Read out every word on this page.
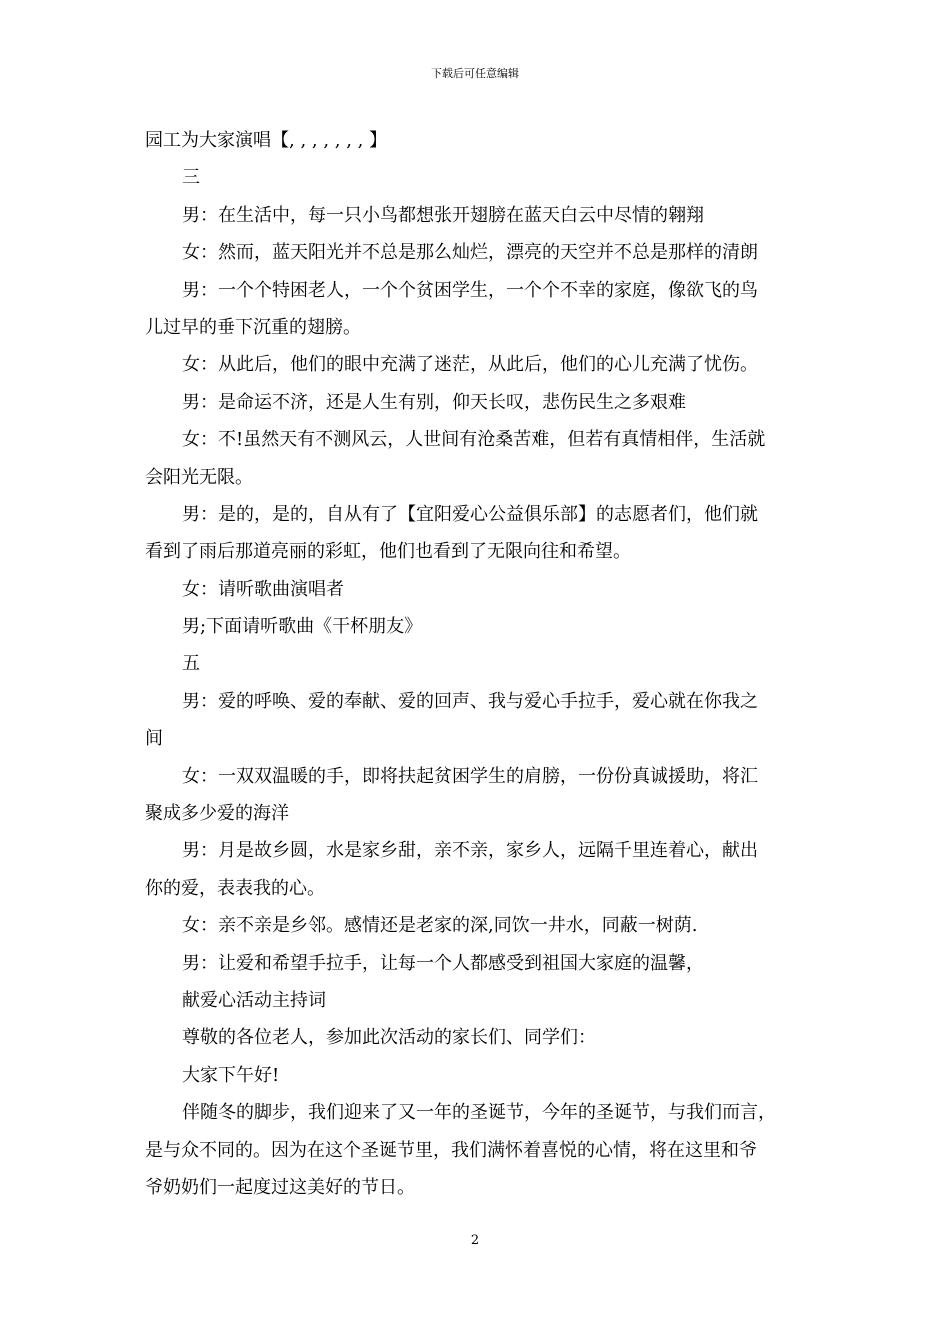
下载后可任意编辑
园工为大家演唱【, , , , , , , 】
三
男：在生活中，每一只小鸟都想张开翅膀在蓝天白云中尽情的翱翔
女：然而，蓝天阳光并不总是那么灿烂，漂亮的天空并不总是那样的清朗
男：一个个特困老人，一个个贫困学生，一个个不幸的家庭，像欲飞的鸟
儿过早的垂下沉重的翅膀。
女：从此后，他们的眼中充满了迷茫，从此后，他们的心儿充满了忧伤。
男：是命运不济，还是人生有别，仰天长叹，悲伤民生之多艰难
女：不!虽然天有不测风云，人世间有沧桑苦难，但若有真情相伴，生活就
会阳光无限。
男：是的，是的，自从有了【宜阳爱心公益俱乐部】的志愿者们，他们就
看到了雨后那道亮丽的彩虹，他们也看到了无限向往和希望。
女：请听歌曲演唱者
男;下面请听歌曲《干杯朋友》
五
男：爱的呼唤、爱的奉献、爱的回声、我与爱心手拉手，爱心就在你我之
间
女：一双双温暖的手，即将扶起贫困学生的肩膀，一份份真诚援助，将汇
聚成多少爱的海洋
男：月是故乡圆，水是家乡甜，亲不亲，家乡人，远隔千里连着心，献出
你的爱，表表我的心。
女：亲不亲是乡邻。感情还是老家的深,同饮一井水，同蔽一树荫.
男：让爱和希望手拉手，让每一个人都感受到祖国大家庭的温馨，
献爱心活动主持词
尊敬的各位老人，参加此次活动的家长们、同学们：
大家下午好!
伴随冬的脚步，我们迎来了又一年的圣诞节，今年的圣诞节，与我们而言，
是与众不同的。因为在这个圣诞节里，我们满怀着喜悦的心情，将在这里和爷
爷奶奶们一起度过这美好的节日。
2
